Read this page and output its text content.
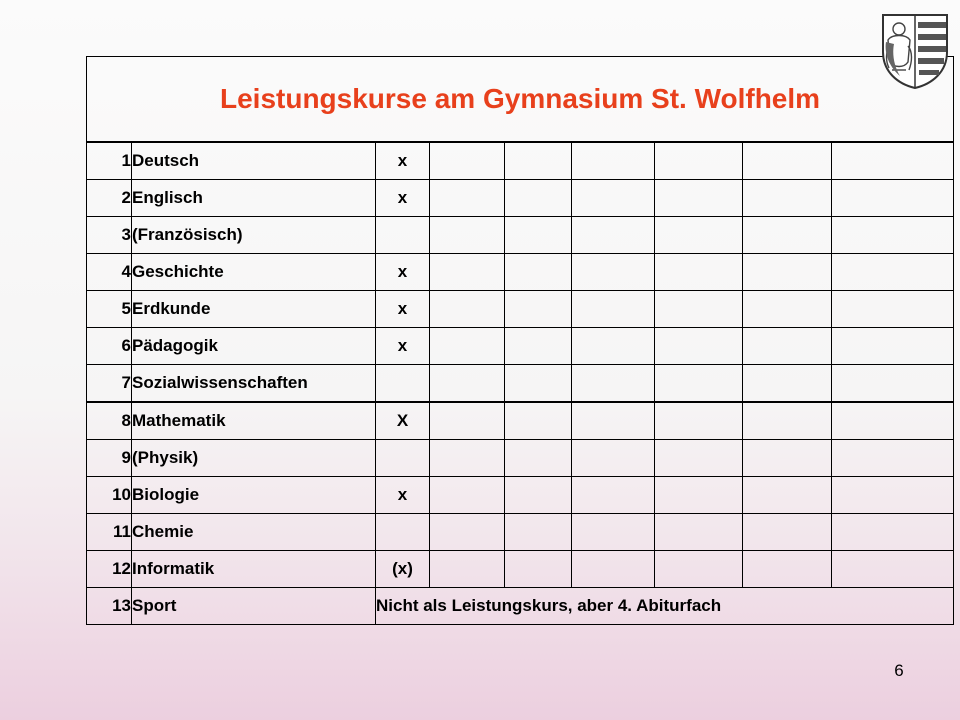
Leistungskurse am Gymnasium St. Wolfhelm								
1	Deutsch	x						
2	Englisch	x						
3	(Französisch)							
4	Geschichte	x						
5	Erdkunde	x						
6	Pädagogik	x						
7	Sozialwissenschaften							
8	Mathematik	X						
9	(Physik)							
10	Biologie	x						
11	Chemie							
12	Informatik	(x)						
13	Sport	Nicht als Leistungskurs, aber 4. Abiturfach						
6
